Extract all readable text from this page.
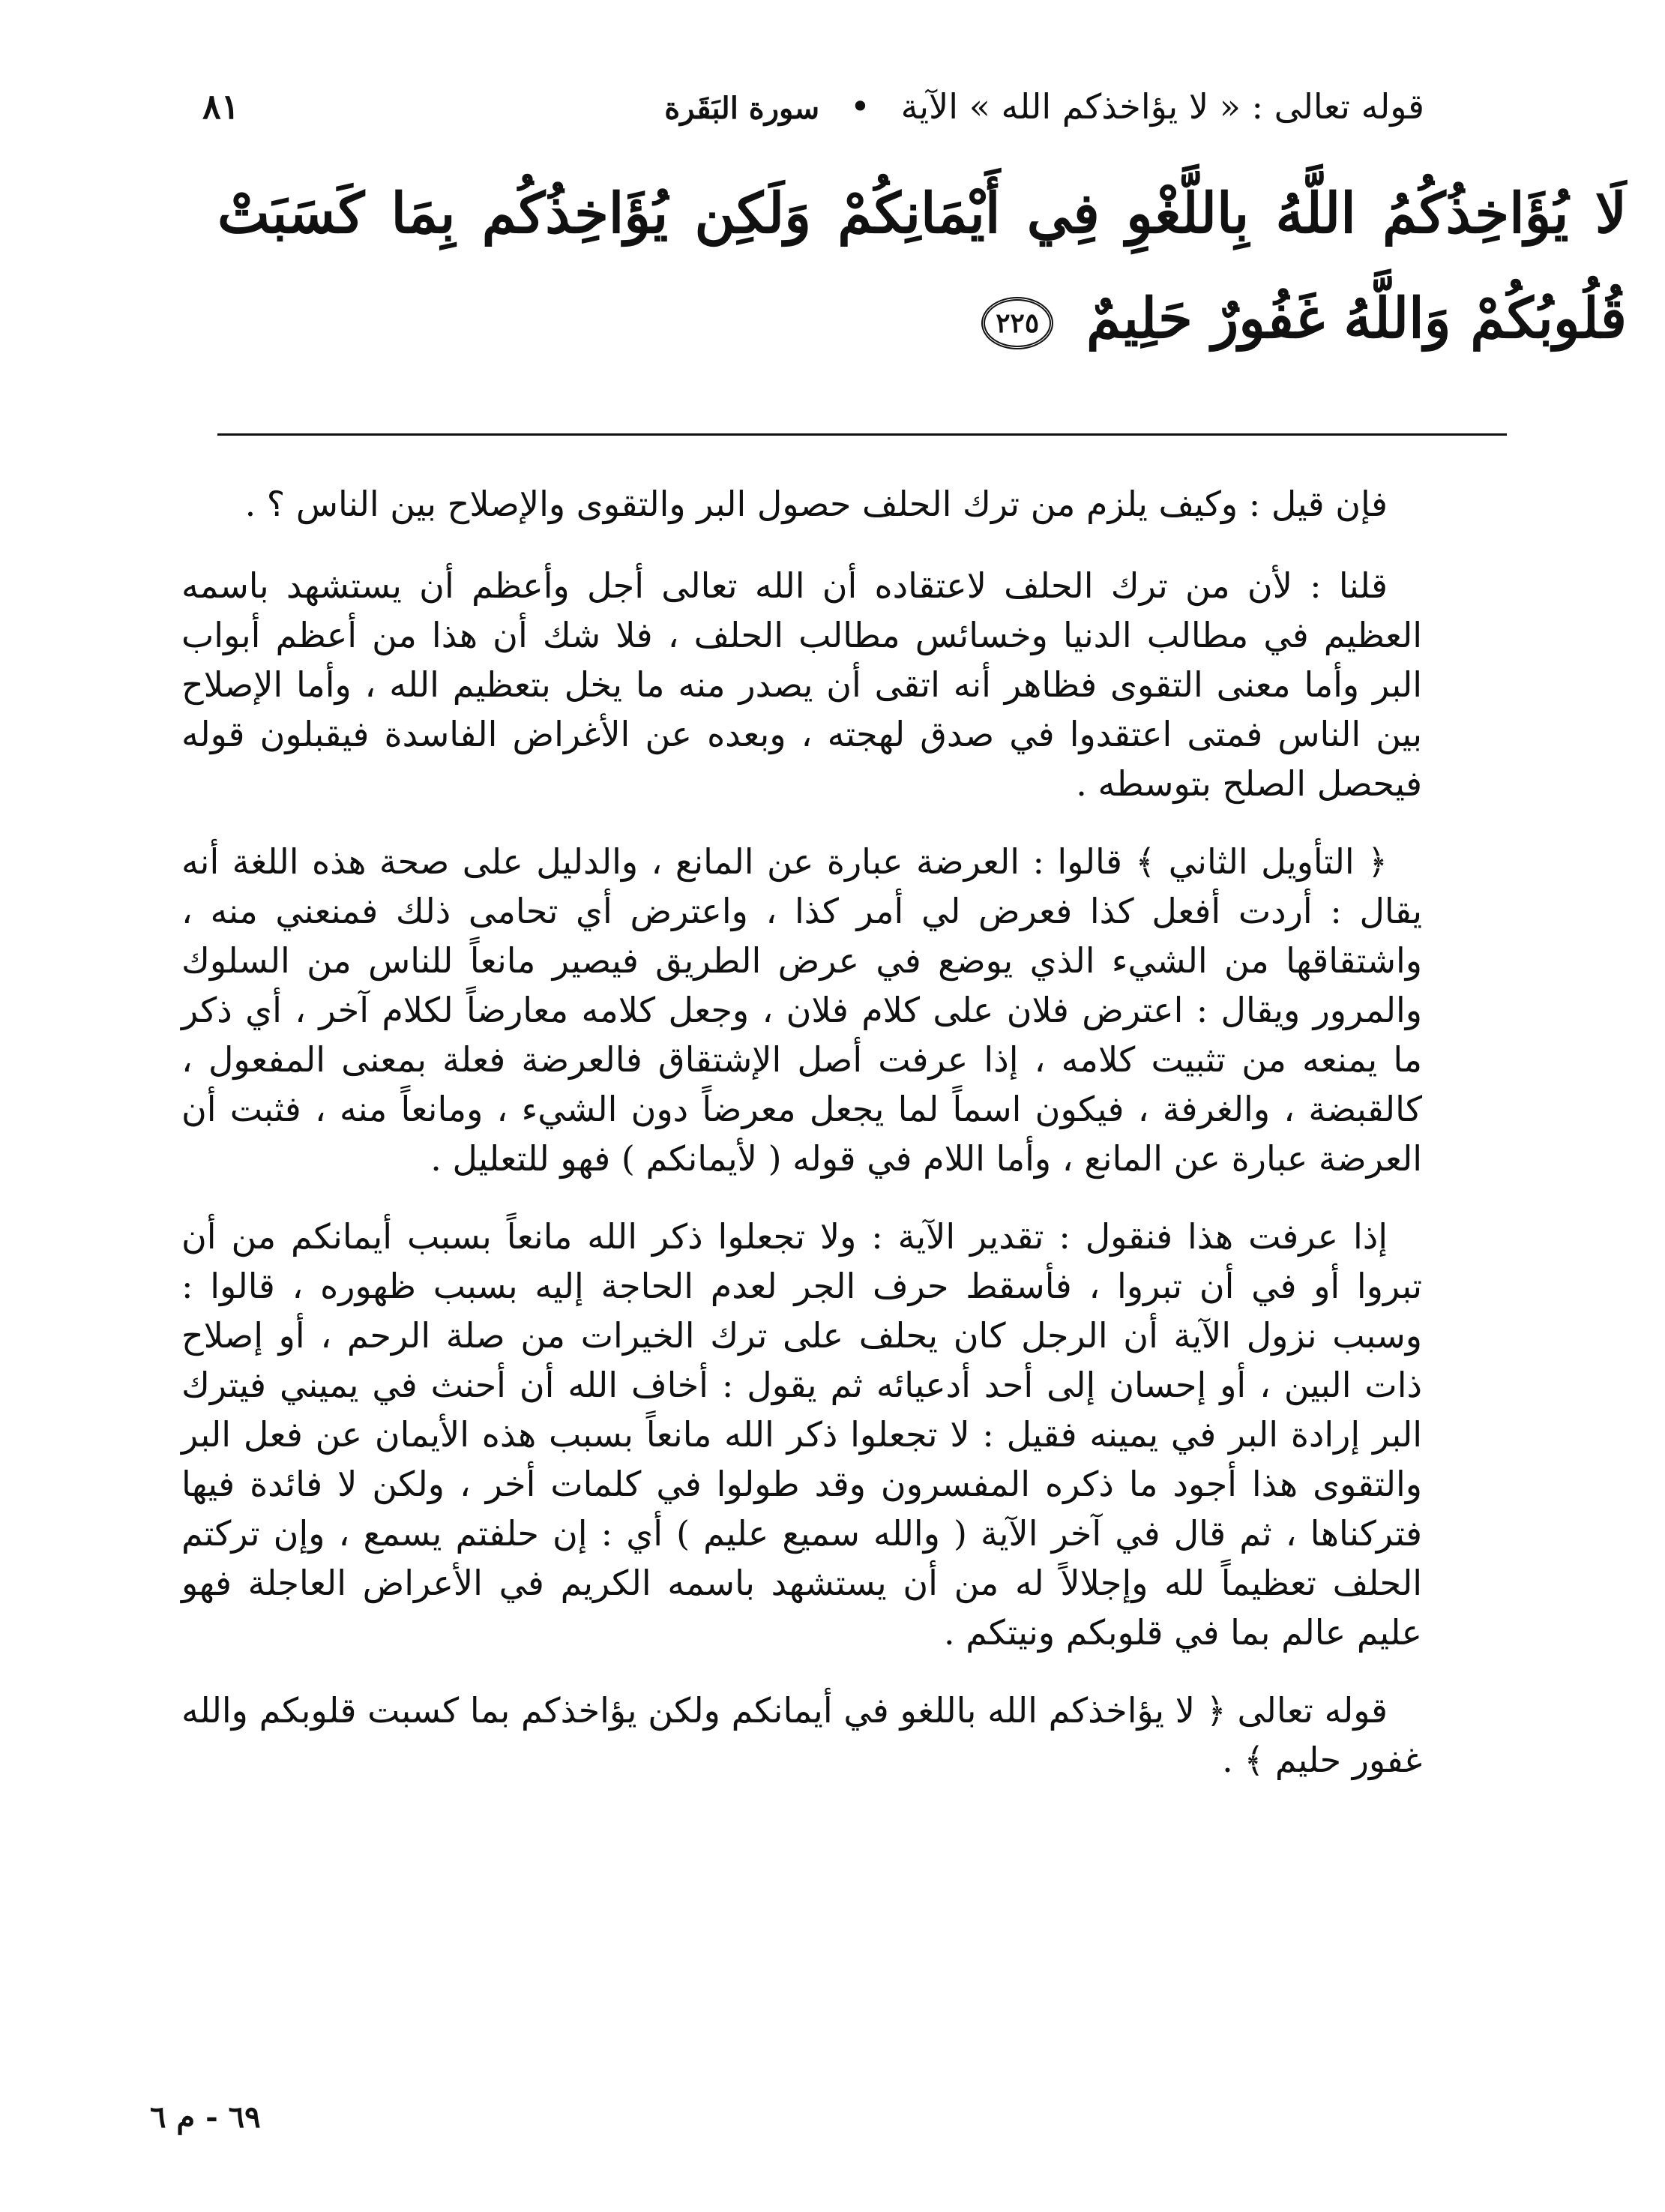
٨١	قوله تعالى : « لا يؤاخذكم الله » الآية • سورة البَقَرة
لَا يُؤَاخِذُكُمُ اللَّهُ بِاللَّغْوِ فِي أَيْمَانِكُمْ وَلَكِن يُؤَاخِذُكُم بِمَا كَسَبَتْ قُلُوبُكُمْ وَاللَّهُ غَفُورٌ حَلِيمٌ ٢٢٥

فإن قيل : وكيف يلزم من ترك الحلف حصول البر والتقوى والإصلاح بين الناس ؟ .

قلنا : لأن من ترك الحلف لاعتقاده أن الله تعالى أجل وأعظم أن يستشهد باسمه العظيم في مطالب الدنيا وخسائس مطالب الحلف ، فلا شك أن هذا من أعظم أبواب البر وأما معنى التقوى فظاهر أنه اتقى أن يصدر منه ما يخل بتعظيم الله ، وأما الإصلاح بين الناس فمتى اعتقدوا في صدق لهجته ، وبعده عن الأغراض الفاسدة فيقبلون قوله فيحصل الصلح بتوسطه .

﴿ التأويل الثاني ﴾ قالوا : العرضة عبارة عن المانع ، والدليل على صحة هذه اللغة أنه يقال : أردت أفعل كذا فعرض لي أمر كذا ، واعترض أي تحامى ذلك فمنعني منه ، واشتقاقها من الشيء الذي يوضع في عرض الطريق فيصير مانعاً للناس من السلوك والمرور ويقال : اعترض فلان على كلام فلان ، وجعل كلامه معارضاً لكلام آخر ، أي ذكر ما يمنعه من تثبيت كلامه ، إذا عرفت أصل الإشتقاق فالعرضة فعلة بمعنى المفعول ، كالقبضة ، والغرفة ، فيكون اسماً لما يجعل معرضاً دون الشيء ، ومانعاً منه ، فثبت أن العرضة عبارة عن المانع ، وأما اللام في قوله ( لأيمانكم ) فهو للتعليل .

إذا عرفت هذا فنقول : تقدير الآية : ولا تجعلوا ذكر الله مانعاً بسبب أيمانكم من أن تبروا أو في أن تبروا ، فأسقط حرف الجر لعدم الحاجة إليه بسبب ظهوره ، قالوا : وسبب نزول الآية أن الرجل كان يحلف على ترك الخيرات من صلة الرحم ، أو إصلاح ذات البين ، أو إحسان إلى أحد أدعيائه ثم يقول : أخاف الله أن أحنث في يميني فيترك البر إرادة البر في يمينه فقيل : لا تجعلوا ذكر الله مانعاً بسبب هذه الأيمان عن فعل البر والتقوى هذا أجود ما ذكره المفسرون وقد طولوا في كلمات أخر ، ولكن لا فائدة فيها فتركناها ، ثم قال في آخر الآية ( والله سميع عليم ) أي : إن حلفتم يسمع ، وإن تركتم الحلف تعظيماً لله وإجلالاً له من أن يستشهد باسمه الكريم في الأعراض العاجلة فهو عليم عالم بما في قلوبكم ونيتكم .

قوله تعالى ﴿ لا يؤاخذكم الله باللغو في أيمانكم ولكن يؤاخذكم بما كسبت قلوبكم والله غفور حليم ﴾ .

٦٩ - م ٦
